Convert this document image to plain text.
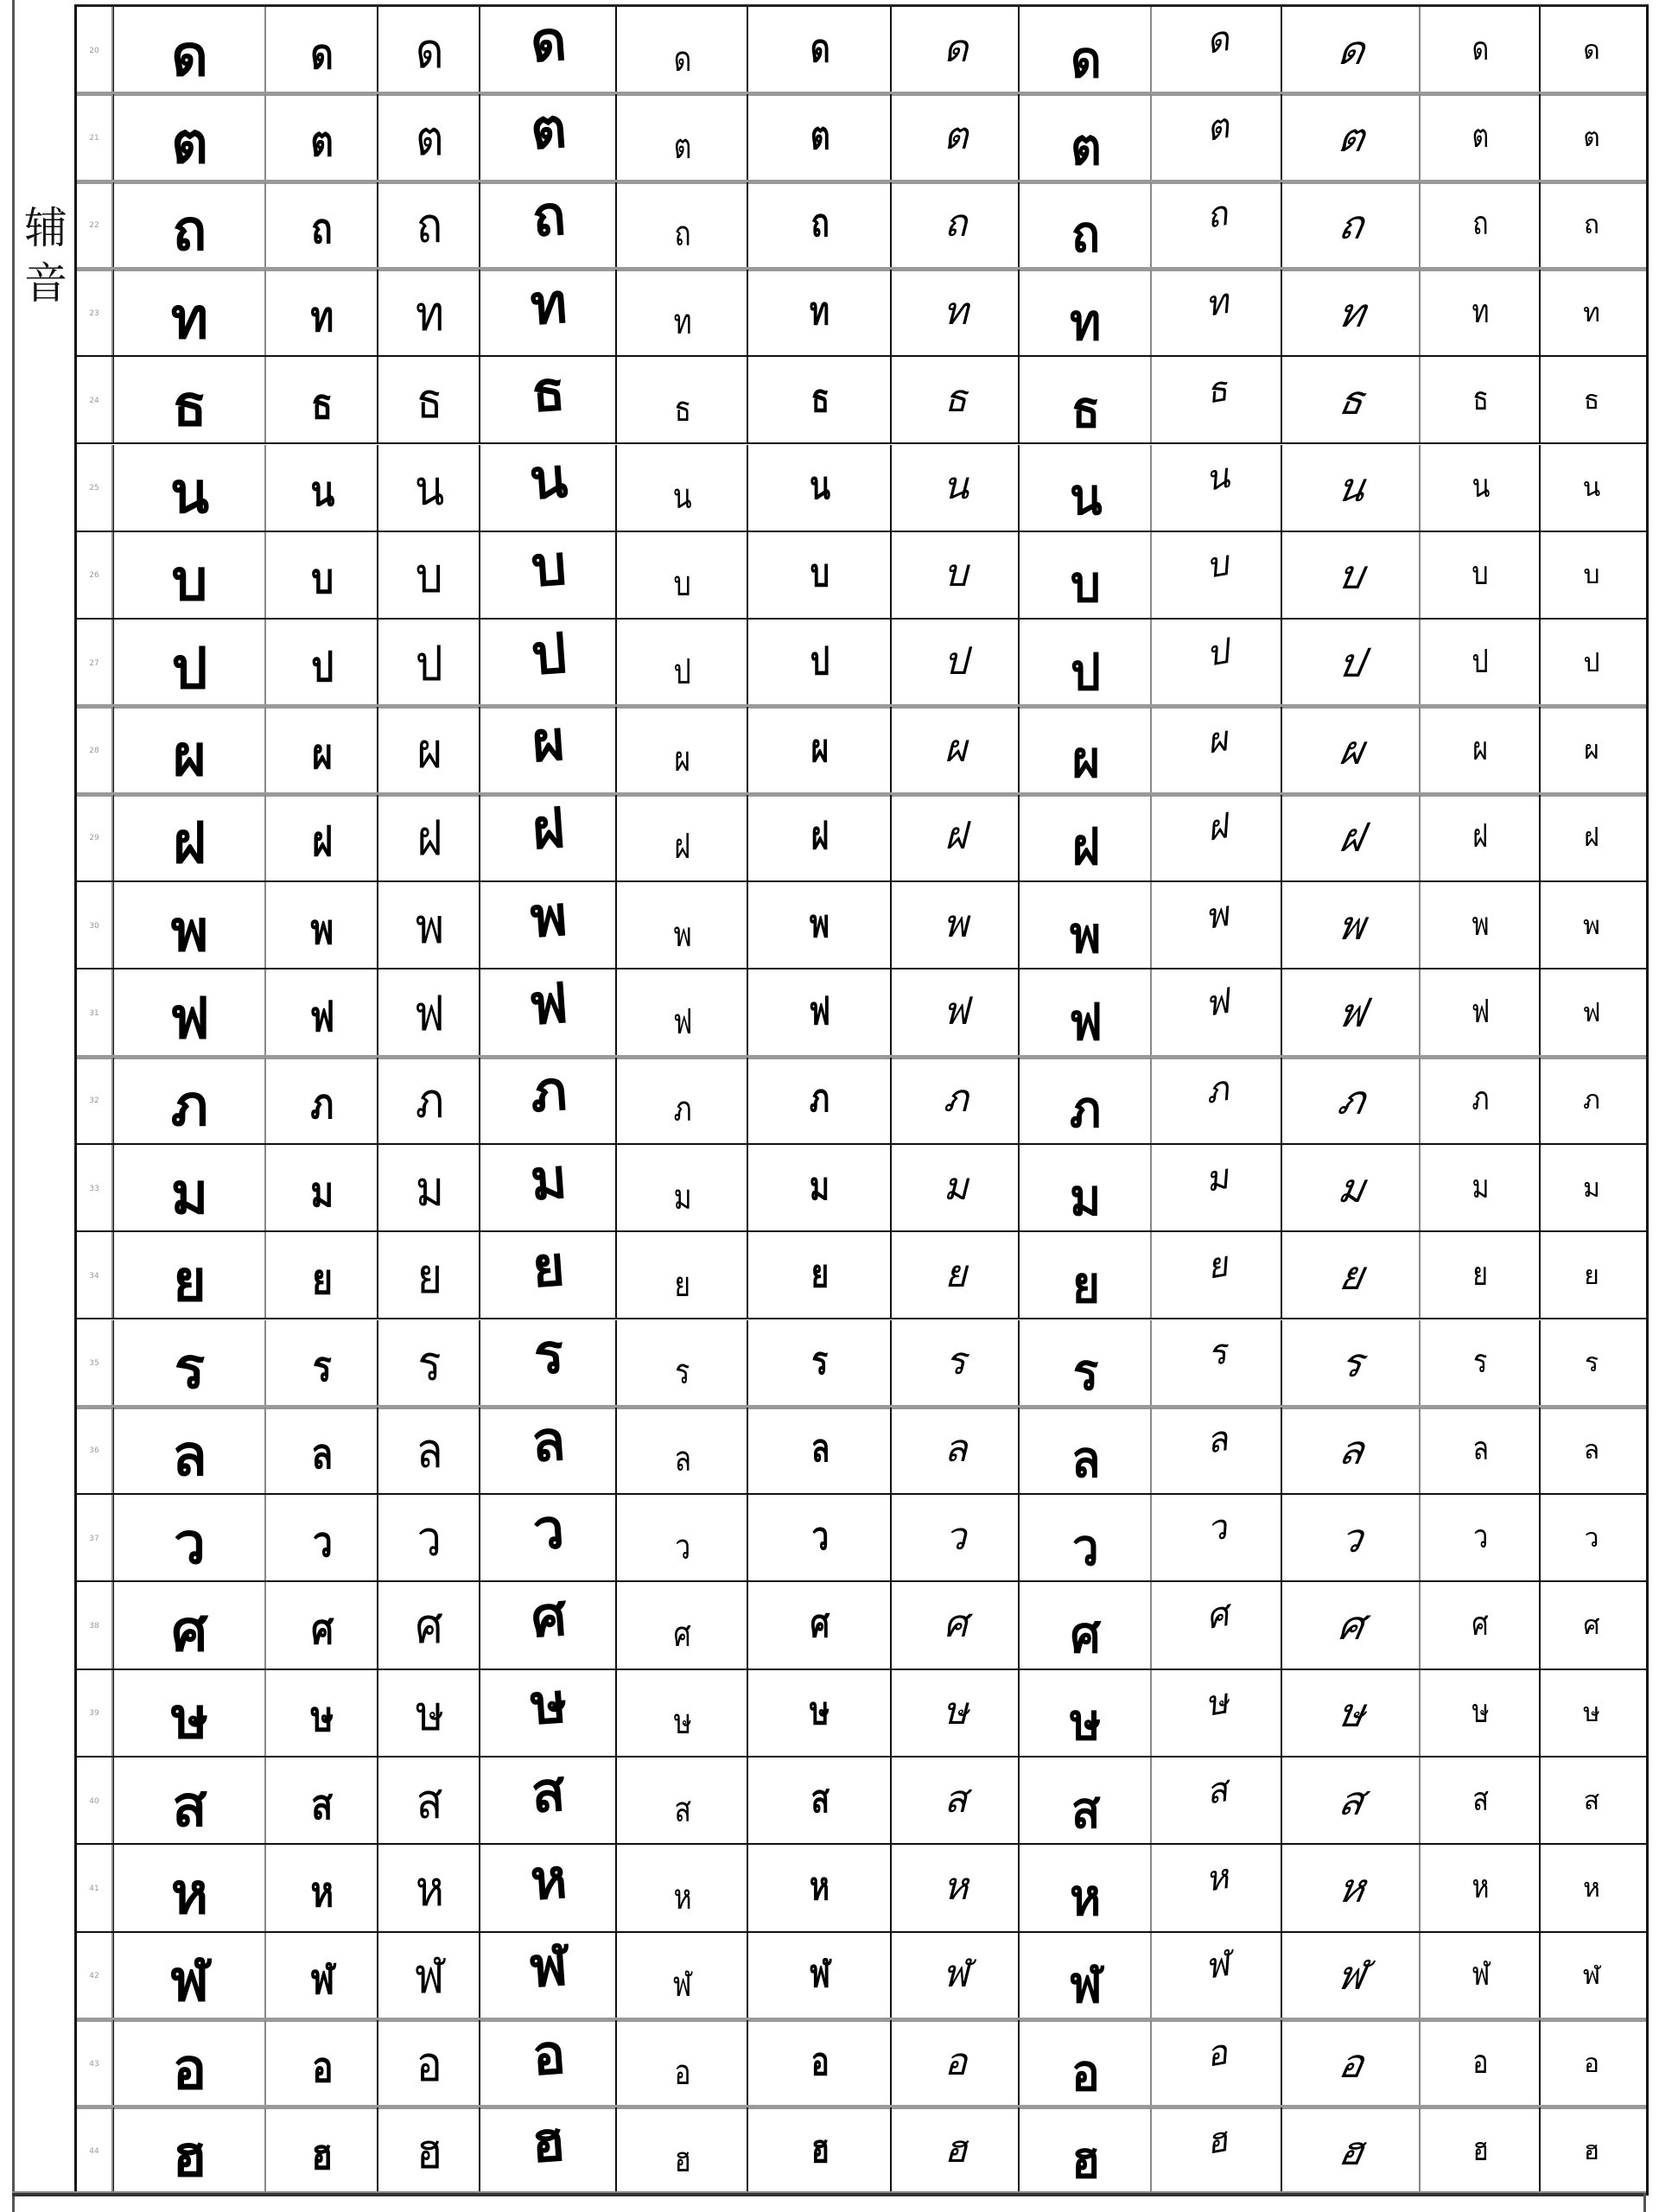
辅音
20 ด ด ด ด	ด	ด	ด ด	ด	ด	ด	ด
21 ต ต ต ต	ต	ต	ต ต	ต	ต	ต	ต
22 ถ	ถ ถ ถ	ถ	ถ	ถ ถ	ถ	ถ	ถ	ถ
23 ท ท ท ท	ท	ท	ท ท	ท	ท	ท	ท
24 ธ	ธ ธ ธ	ธ	ธ	ธ ธ	ธ	ธ	ธ	ธ
25 น น น น	น	น	น น	น	น	น	น
26 บ บ บ บ	บ	บ	บ บ	บ	บ	บ	บ
27 ป ป ป ป	ป	ป	ป ป	ป	ป	ป	ป
28 ผ	ผ ผ ผ	ผ	ผ	ผ ผ	ผ	ผ	ผ	ผ
29 ฝ	ฝ ฝ ฝ	ฝ	ฝ	ฝ ฝ	ฝ	ฝ	ฝ	ฝ
30 พ พ พ พ	พ	พ	พ พ	พ	พ	พ	พ
31 ฟ ฟ ฟ ฟ	ฟ	ฟ	ฟ ฟ	ฟ	ฟ	ฟ	ฟ
32 ภ ภ ภ ภ	ภ	ภ	ภ ภ	ภ	ภ	ภ	ภ
33 ม ม ม ม	ม	ม	ม ม	ม	ม	ม	ม
34 ย	ย ย ย	ย	ย	ย ย	ย	ย	ย	ย
35 ร	ร ร ร	ร	ร	ร ร	ร	ร	ร	ร
36 ล	ล ล ล	ล	ล	ล ล	ล	ล	ล	ล
37 ว	ว ว ว	ว	ว	ว ว	ว	ว	ว	ว
38 ศ ศ ศ ศ	ศ	ศ	ศ ศ	ศ	ศ	ศ	ศ
39 ษ ษ ษ ษ	ษ	ษ	ษ ษ	ษ	ษ	ษ	ษ
40 ส	ส ส ส	ส	ส	ส ส	ส	ส	ส	ส
41 ห ห ห ห	ห	ห	ห ห	ห	ห	ห	ห
42 ฬ ฬ ฬ ฬ	ฬ	ฬ	ฬ ฬ	ฬ	ฬ	ฬ	ฬ
43 อ	อ อ อ	อ	อ	อ อ	อ	อ	อ	อ
44 ฮ	ฮ ฮ ฮ	ฮ	ฮ	ฮ ฮ	ฮ	ฮ	ฮ	ฮ
